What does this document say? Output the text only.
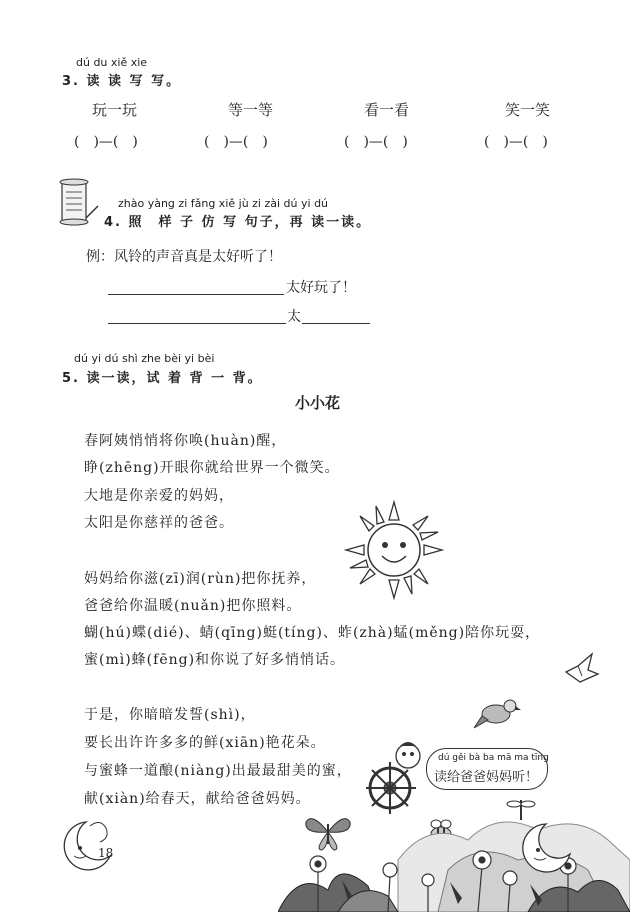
dú du xiě xie
3. 读 读 写 写。
玩一玩	等一等	看一看	笑一笑
(　)—(　)	(　)—(　)	(　)—(　)	(　)—(　)
zhào yàng zi fǎng xiě jù zi zài dú yi dú
4. 照　样 子 仿 写 句子，再 读一读。
例：风铃的声音真是太好听了！
太好玩了！
太
dú yi dú shì zhe bèi yi bèi
5. 读一读，试 着 背 一 背。
小小花
春阿姨悄悄将你唤(huàn)醒，
睁(zhēng)开眼你就给世界一个微笑。
大地是你亲爱的妈妈，
太阳是你慈祥的爸爸。
妈妈给你滋(zī)润(rùn)把你抚养，
爸爸给你温暖(nuǎn)把你照料。
蝴(hú)蝶(dié)、蜻(qīng)蜓(tíng)、蚱(zhà)蜢(měng)陪你玩耍，
蜜(mì)蜂(fēng)和你说了好多悄悄话。
于是，你暗暗发誓(shì)，
要长出许许多多的鲜(xiān)艳花朵。
与蜜蜂一道酿(niàng)出最最甜美的蜜，
献(xiàn)给春天，献给爸爸妈妈。
dú gěi bà ba mā ma tīng
读给爸爸妈妈听！
18
